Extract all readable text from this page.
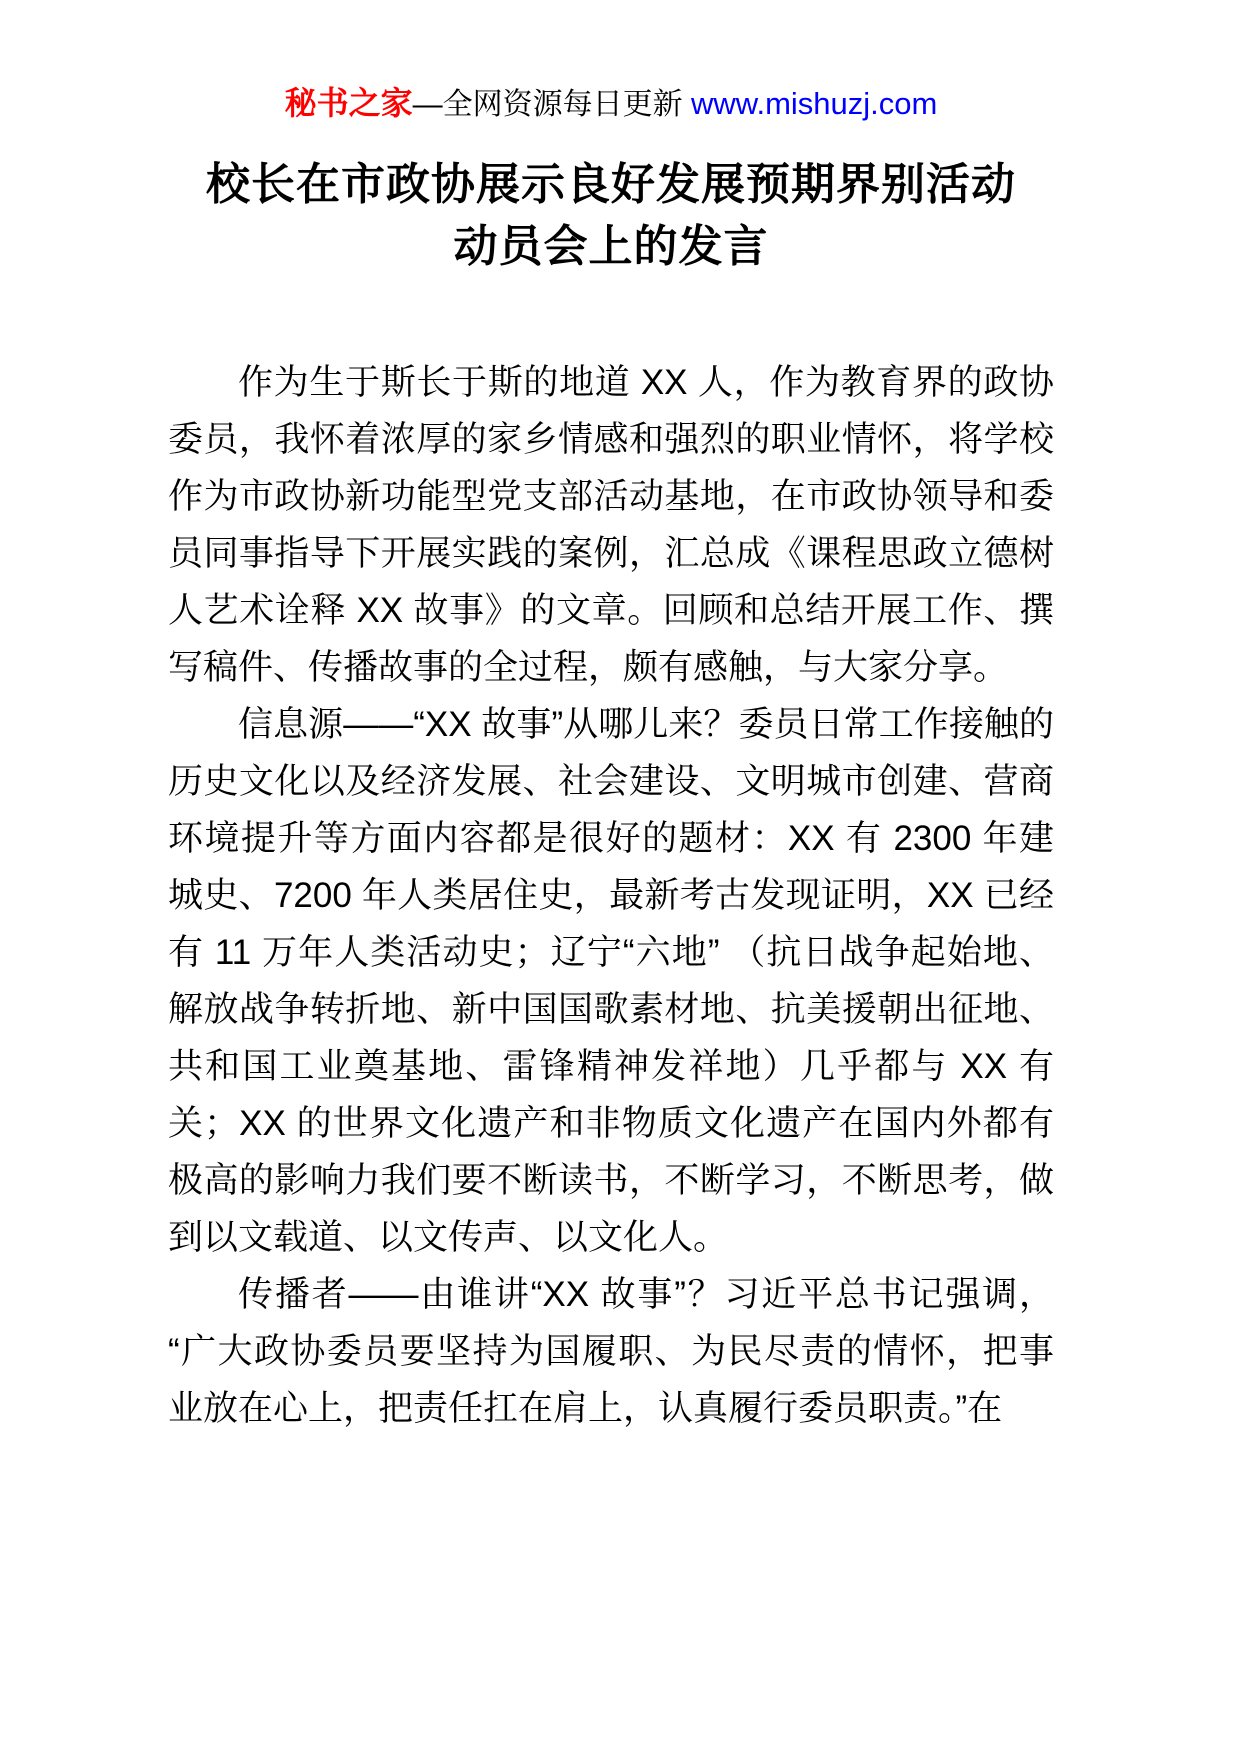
秘书之家—全网资源每日更新 www.mishuzj.com
校长在市政协展示良好发展预期界别活动
动员会上的发言

作为生于斯长于斯的地道 XX 人，作为教育界的政协委员，我怀着浓厚的家乡情感和强烈的职业情怀，将学校作为市政协新功能型党支部活动基地，在市政协领导和委员同事指导下开展实践的案例，汇总成《课程思政立德树人艺术诠释 XX 故事》的文章。回顾和总结开展工作、撰写稿件、传播故事的全过程，颇有感触，与大家分享。

信息源——“XX 故事”从哪儿来？委员日常工作接触的历史文化以及经济发展、社会建设、文明城市创建、营商环境提升等方面内容都是很好的题材：XX 有 2300 年建城史、7200 年人类居住史，最新考古发现证明，XX 已经有 11 万年人类活动史；辽宁“六地” （抗日战争起始地、解放战争转折地、新中国国歌素材地、抗美援朝出征地、共和国工业奠基地、雷锋精神发祥地）几乎都与 XX 有关；XX 的世界文化遗产和非物质文化遗产在国内外都有极高的影响力我们要不断读书，不断学习，不断思考，做到以文载道、以文传声、以文化人。

传播者——由谁讲“XX 故事”？习近平总书记强调，“广大政协委员要坚持为国履职、为民尽责的情怀，把事业放在心上，把责任扛在肩上，认真履行委员职责。”在
